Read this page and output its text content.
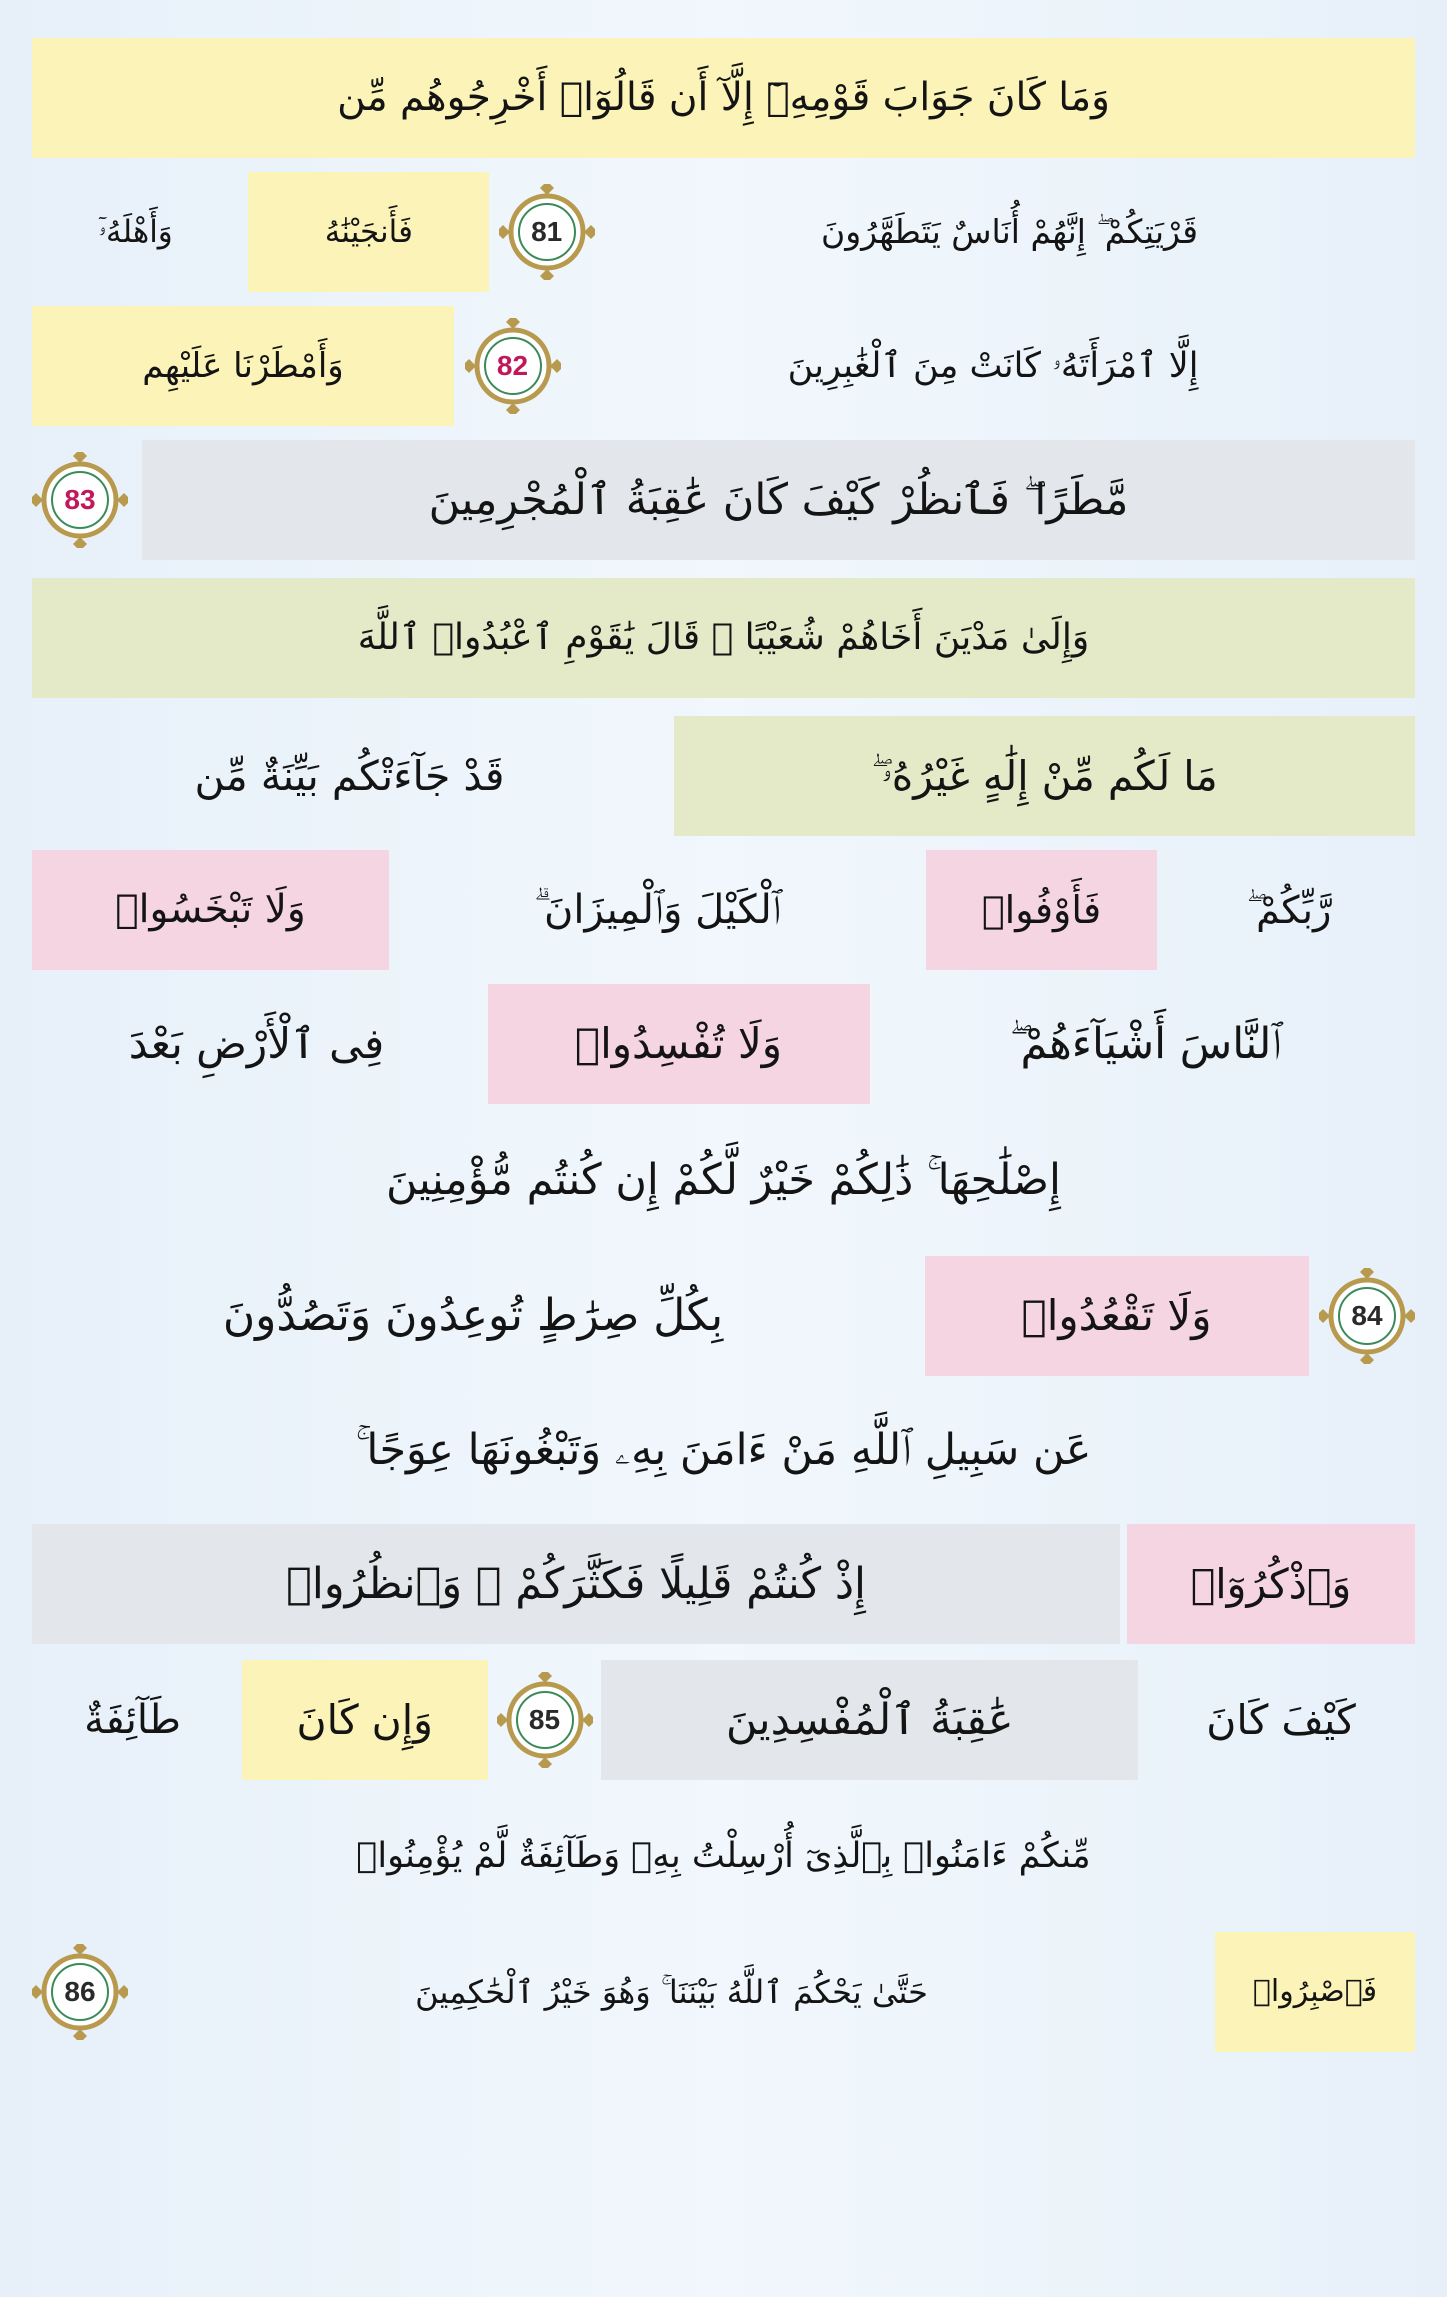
وَمَا كَانَ جَوَابَ قَوْمِهِۦٓ إِلَّآ أَن قَالُوٓا۟ أَخْرِجُوهُم مِّن
قَرْيَتِكُمْ ۖ إِنَّهُمْ أُنَاسٌ يَتَطَهَّرُونَ
81
فَأَنجَيْنَٰهُ
وَأَهْلَهُۥٓ
إِلَّا ٱمْرَأَتَهُۥ كَانَتْ مِنَ ٱلْغَٰبِرِينَ
82
وَأَمْطَرْنَا عَلَيْهِم
مَّطَرًا ۖ فَٱنظُرْ كَيْفَ كَانَ عَٰقِبَةُ ٱلْمُجْرِمِينَ
83
وَإِلَىٰ مَدْيَنَ أَخَاهُمْ شُعَيْبًا ۗ قَالَ يَٰقَوْمِ ٱعْبُدُوا۟ ٱللَّهَ
مَا لَكُم مِّنْ إِلَٰهٍ غَيْرُهُۥ ۖ
قَدْ جَآءَتْكُم بَيِّنَةٌ مِّن
رَّبِّكُمْ ۖ
فَأَوْفُوا۟
ٱلْكَيْلَ وَٱلْمِيزَانَ ۗ
وَلَا تَبْخَسُوا۟
ٱلنَّاسَ أَشْيَآءَهُمْ ۖ
وَلَا تُفْسِدُوا۟
فِى ٱلْأَرْضِ بَعْدَ
إِصْلَٰحِهَا ۚ ذَٰلِكُمْ خَيْرٌ لَّكُمْ إِن كُنتُم مُّؤْمِنِينَ
84
وَلَا تَقْعُدُوا۟
بِكُلِّ صِرَٰطٍ تُوعِدُونَ وَتَصُدُّونَ
عَن سَبِيلِ ٱللَّهِ مَنْ ءَامَنَ بِهِۦ وَتَبْغُونَهَا عِوَجًا ۚ
وَٱذْكُرُوٓا۟
إِذْ كُنتُمْ قَلِيلًا فَكَثَّرَكُمْ ۖ وَٱنظُرُوا۟
كَيْفَ كَانَ
عَٰقِبَةُ ٱلْمُفْسِدِينَ
85
وَإِن كَانَ
طَآئِفَةٌ
مِّنكُمْ ءَامَنُوا۟ بِٱلَّذِىٓ أُرْسِلْتُ بِهِۦ وَطَآئِفَةٌ لَّمْ يُؤْمِنُوا۟
فَٱصْبِرُوا۟
حَتَّىٰ يَحْكُمَ ٱللَّهُ بَيْنَنَا ۚ وَهُوَ خَيْرُ ٱلْحَٰكِمِينَ
86
